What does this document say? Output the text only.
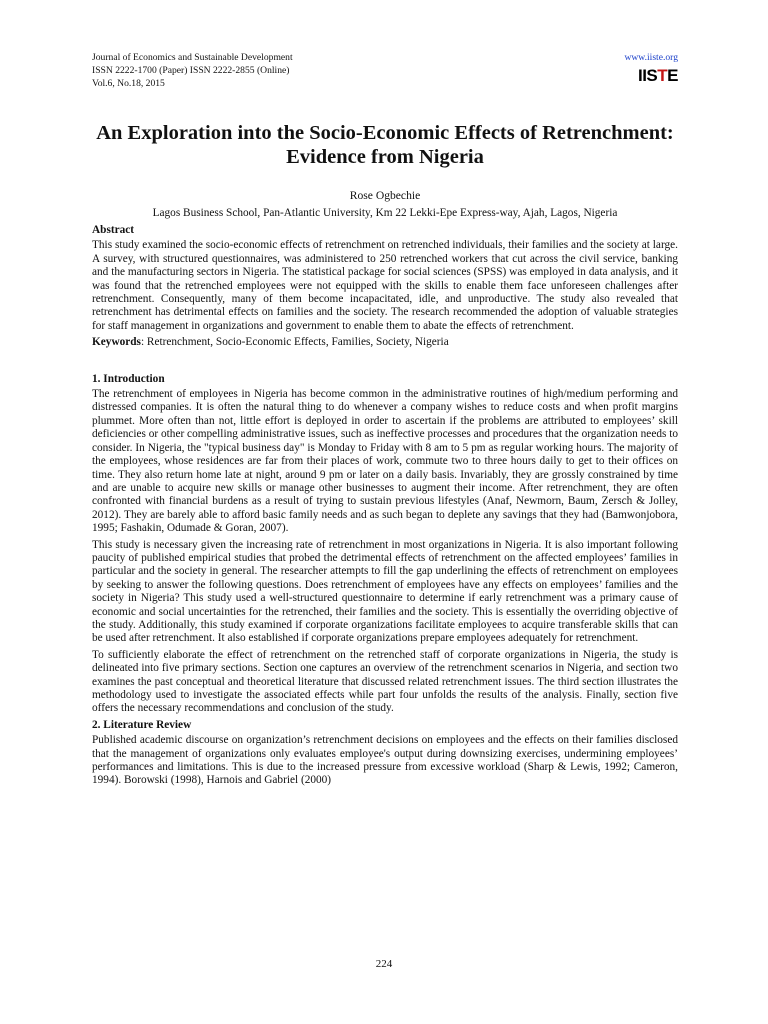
Journal of Economics and Sustainable Development
ISSN 2222-1700 (Paper) ISSN 2222-2855 (Online)
Vol.6, No.18, 2015
www.iiste.org
IISTE
An Exploration into the Socio-Economic Effects of Retrenchment:
Evidence from Nigeria
Rose Ogbechie
Lagos Business School, Pan-Atlantic University, Km 22 Lekki-Epe Express-way, Ajah, Lagos, Nigeria

Abstract

This study examined the socio-economic effects of retrenchment on retrenched individuals, their families and the society at large. A survey, with structured questionnaires, was administered to 250 retrenched workers that cut across the civil service, banking and the manufacturing sectors in Nigeria. The statistical package for social sciences (SPSS) was employed in data analysis, and it was found that the retrenched employees were not equipped with the skills to enable them face unforeseen challenges after retrenchment. Consequently, many of them become incapacitated, idle, and unproductive. The study also revealed that retrenchment has detrimental effects on families and the society. The research recommended the adoption of valuable strategies for staff management in organizations and government to enable them to abate the effects of retrenchment.

Keywords: Retrenchment, Socio-Economic Effects, Families, Society, Nigeria

1. Introduction

The retrenchment of employees in Nigeria has become common in the administrative routines of high/medium performing and distressed companies. It is often the natural thing to do whenever a company wishes to reduce costs and when profit margins plummet. More often than not, little effort is deployed in order to ascertain if the problems are attributed to employees’ skill deficiencies or other compelling administrative issues, such as ineffective processes and procedures that the organization needs to consider. In Nigeria, the "typical business day" is Monday to Friday with 8 am to 5 pm as regular working hours. The majority of the employees, whose residences are far from their places of work, commute two to three hours daily to get to their offices on time. They also return home late at night, around 9 pm or later on a daily basis. Invariably, they are grossly constrained by time and are unable to acquire new skills or manage other businesses to augment their income. After retrenchment, they are often confronted with financial burdens as a result of trying to sustain previous lifestyles (Anaf, Newmorn, Baum, Zersch & Jolley, 2012). They are barely able to afford basic family needs and as such began to deplete any savings that they had (Bamwonjobora, 1995; Fashakin, Odumade & Goran, 2007).

This study is necessary given the increasing rate of retrenchment in most organizations in Nigeria. It is also important following paucity of published empirical studies that probed the detrimental effects of retrenchment on the affected employees’ families in particular and the society in general. The researcher attempts to fill the gap underlining the effects of retrenchment on employees by seeking to answer the following questions. Does retrenchment of employees have any effects on employees’ families and the society in Nigeria? This study used a well-structured questionnaire to determine if early retrenchment was a primary cause of economic and social uncertainties for the retrenched, their families and the society. This is essentially the overriding objective of the study. Additionally, this study examined if corporate organizations facilitate employees to acquire transferable skills that can be used after retrenchment. It also established if corporate organizations prepare employees adequately for retrenchment.

To sufficiently elaborate the effect of retrenchment on the retrenched staff of corporate organizations in Nigeria, the study is delineated into five primary sections. Section one captures an overview of the retrenchment scenarios in Nigeria, and section two examines the past conceptual and theoretical literature that discussed related retrenchment issues. The third section illustrates the methodology used to investigate the associated effects while part four unfolds the results of the analysis. Finally, section five offers the necessary recommendations and conclusion of the study.

2. Literature Review

Published academic discourse on organization’s retrenchment decisions on employees and the effects on their families disclosed that the management of organizations only evaluates employee's output during downsizing exercises, undermining employees’ performances and limitations. This is due to the increased pressure from excessive workload (Sharp & Lewis, 1992; Cameron, 1994). Borowski (1998), Harnois and Gabriel (2000)

224
